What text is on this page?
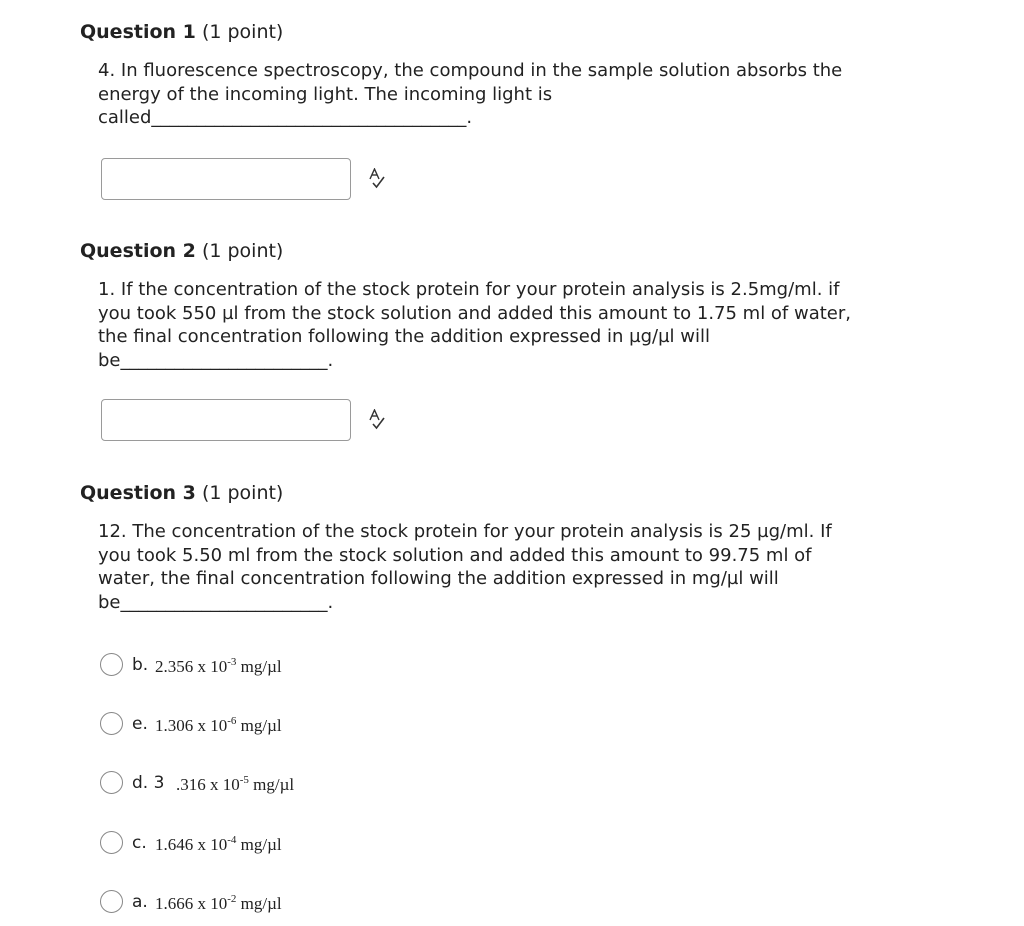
Question 1 (1 point)
4. In fluorescence spectroscopy, the compound in the sample solution absorbs the
energy of the incoming light. The incoming light is
called___________________________________.
Question 2 (1 point)
1. If the concentration of the stock protein for your protein analysis is 2.5mg/ml. if
you took 550 µl from the stock solution and added this amount to 1.75 ml of water,
the final concentration following the addition expressed in µg/µl will
be_______________________.
Question 3 (1 point)
12. The concentration of the stock protein for your protein analysis is 25 µg/ml. If
you took 5.50 ml from the stock solution and added this amount to 99.75 ml of
water, the final concentration following the addition expressed in mg/µl will
be_______________________.
b. 2.356 x $10^{-3}$ mg/µl
e. 1.306 x $10^{-6}$ mg/µl
d. 3 .316 x $10^{-5}$ mg/µl
c. 1.646 x $10^{-4}$ mg/µl
a. 1.666 x $10^{-2}$ mg/µl
